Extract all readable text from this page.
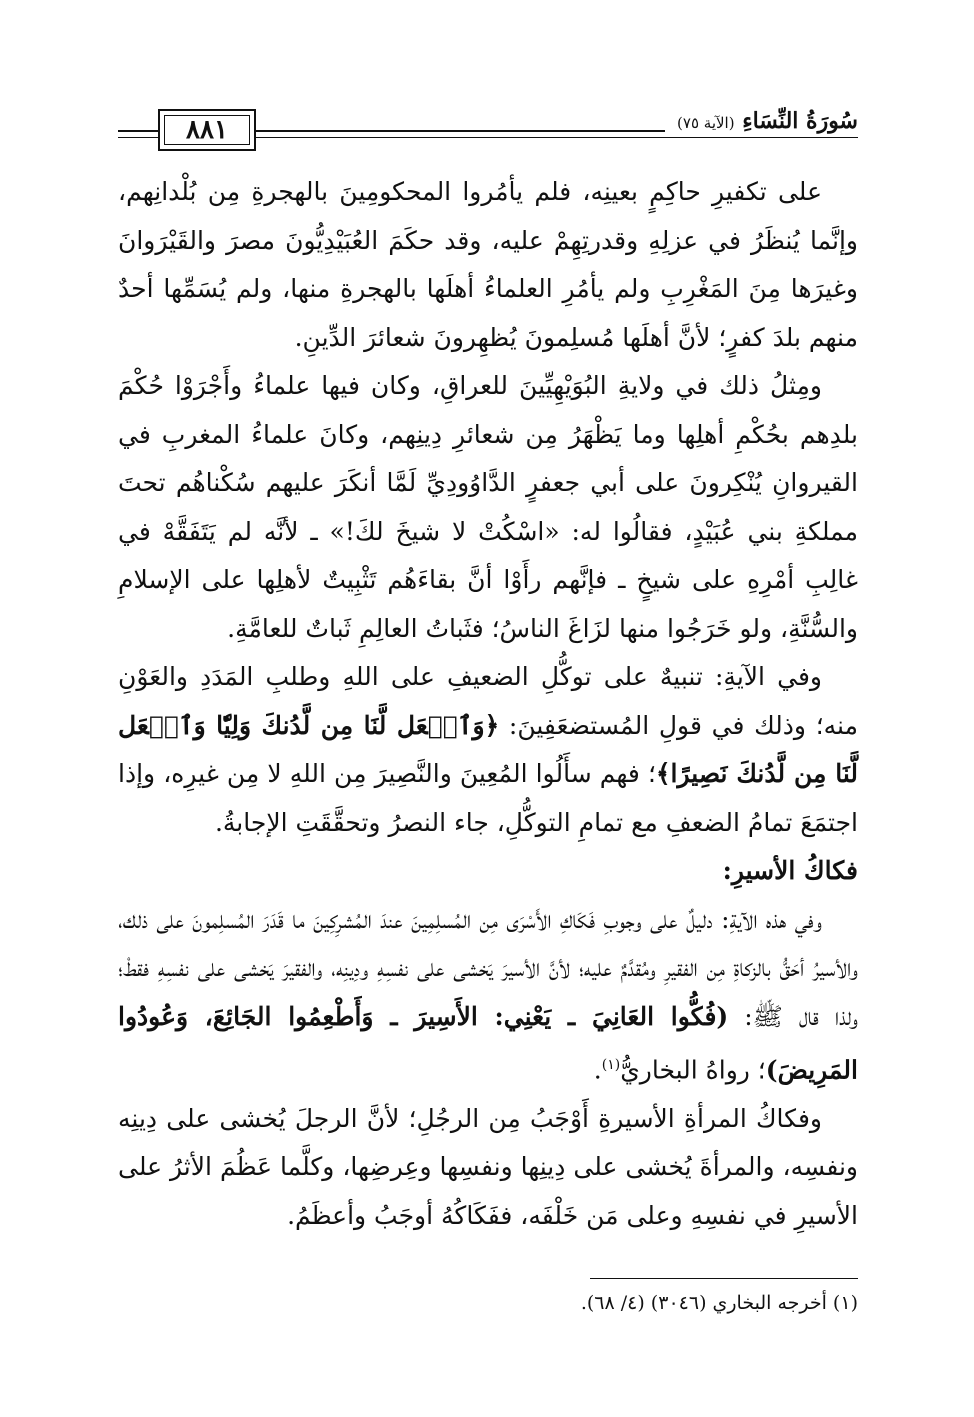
٨٨١	سُورَةُ النِّسَاءِ (الآية ٧٥)

على تكفيرِ حاكِمٍ بعينِه، فلم يأمُروا المحكومِينَ بالهجرةِ مِن بُلْدانِهم، وإنَّما يُنظَرُ في عزلِهِ وقدرتِهِمْ عليه، وقد حكَمَ العُبَيْدِيُّونَ مصرَ والقَيْرَوانَ وغيرَها مِنَ المَغْرِبِ ولم يأمُرِ العلماءُ أهلَها بالهجرةِ منها، ولم يُسَمِّها أحدٌ منهم بلدَ كفرٍ؛ لأنَّ أهلَها مُسلِمونَ يُظهِرونَ شعائرَ الدِّينِ.

ومِثلُ ذلك في ولايةِ البُوَيْهِيِّينَ للعراقِ، وكان فيها علماءُ وأَجْرَوْا حُكْمَ بلدِهم بحُكْمِ أهلِها وما يَظْهَرُ مِن شعائرِ دِينِهم، وكانَ علماءُ المغربِ في القيروانِ يُنْكِرونَ على أبي جعفرٍ الدَّاوُودِيِّ لَمَّا أنكَرَ عليهم سُكْناهُم تحتَ مملكةِ بني عُبَيْدٍ، فقالُوا له: «اسْكُتْ لا شيخَ لكَ!» ـ لأنَّه لم يَتَفَقَّهْ في غالِبِ أمْرِهِ على شيخٍ ـ فإنَّهم رأَوْا أنَّ بقاءَهُم تَثْبِيتٌ لأهلِها على الإسلامِ والسُّنَّةِ، ولو خَرَجُوا منها لزَاغَ الناسُ؛ فثَباتُ العالِمِ ثَباتٌ للعامَّةِ.

وفي الآيةِ: تنبيهٌ على توكُّلِ الضعيفِ على اللهِ وطلبِ المَدَدِ والعَوْنِ منه؛ وذلك في قولِ المُستضعَفِينَ: ﴿وَٱجۡعَل لَّنَا مِن لَّدُنكَ وَلِيّٗا وَٱجۡعَل لَّنَا مِن لَّدُنكَ نَصِيرًا﴾؛ فهم سأَلُوا المُعِينَ والنَّصِيرَ مِن اللهِ لا مِن غيرِه، وإذا اجتمَعَ تمامُ الضعفِ مع تمامِ التوكُّلِ، جاء النصرُ وتحقَّقَتِ الإجابةُ.

فكاكُ الأسيرِ:

وفي هذه الآيةِ: دليلٌ على وجوبِ فَكَاكِ الأَسْرَى مِن المُسلِمِينَ عندَ المُشرِكِينَ ما قَدَرَ المُسلِمونَ على ذلك، والأسيرُ أحَقُّ بالزكاةِ مِن الفقيرِ ومُقدَّمٌ عليه؛ لأنَّ الأسيرَ يَخشى على نفسِهِ ودِينِه، والفقيرَ يَخشى على نفسِهِ فقطْ؛ ولذا قال ﷺ: (فُكُّوا العَانِيَ ـ يَعْنِي: الأَسِيرَ ـ وَأَطْعِمُوا الجَائِعَ، وَعُودُوا المَرِيضَ)؛ رواهُ البخاريُّ$^{(١)}$.

وفكاكُ المرأةِ الأسيرةِ أَوْجَبُ مِن الرجُلِ؛ لأنَّ الرجلَ يُخشى على دِينِه ونفسِه، والمرأةَ يُخشى على دِينِها ونفسِها وعِرضِها، وكلَّما عَظُمَ الأثرُ على الأسيرِ في نفسِهِ وعلى مَن خَلْفَه، ففَكَاكُهُ أوجَبُ وأعظَمُ.

(١) أخرجه البخاري (٣٠٤٦) (٤/ ٦٨).
